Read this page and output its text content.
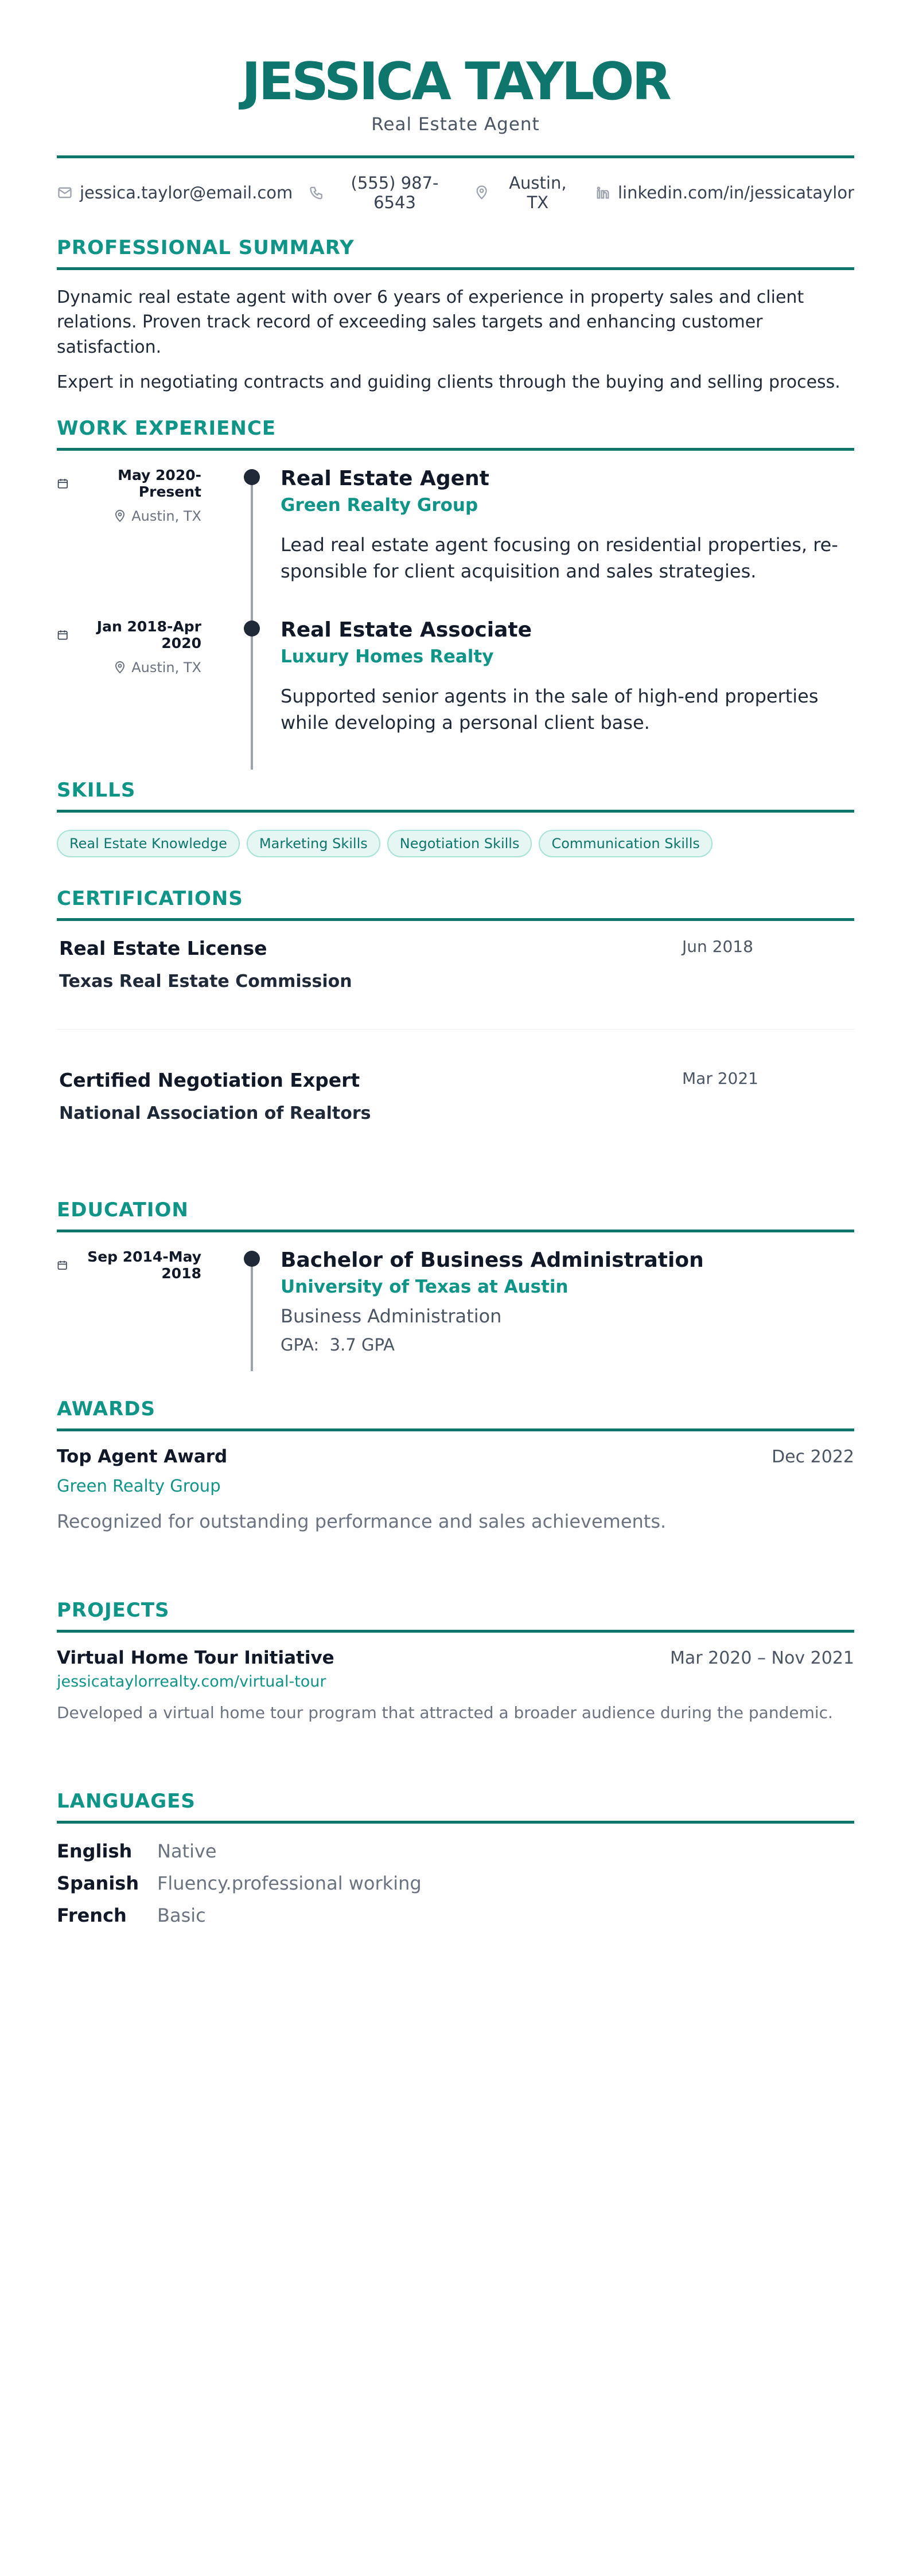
JESSICA TAYLOR
Real Estate Agent
jessica.taylor@email.com	(555) 987-6543
Austin, TX	linkedin.com/in/jessicataylor
PROFESSIONAL SUMMARY

Dynamic real estate agent with over 6 years of experience in property sales and client relations. Proven track record of exceeding sales targets and enhancing customer satisfaction.

Expert in negotiating contracts and guiding clients through the buying and selling process.

WORK EXPERIENCE
May 2020-Present
Austin, TX
Real Estate Agent
Green Realty Group
Lead real estate agent focusing on residential properties, re-sponsible for client acquisition and sales strategies.
Jan 2018-Apr 2020
Austin, TX
Real Estate Associate
Luxury Homes Realty
Supported senior agents in the sale of high-end properties while developing a personal client base.
SKILLS
Real Estate Knowledge	Marketing Skills	Negotiation Skills	Communication Skills
CERTIFICATIONS
Real Estate License	Jun 2018
Texas Real Estate Commission
Certified Negotiation Expert	Mar 2021
National Association of Realtors
EDUCATION
Sep 2014-May 2018
Bachelor of Business Administration
University of Texas at Austin
Business Administration
GPA: 3.7 GPA
AWARDS
Top Agent Award	Dec 2022
Green Realty Group
Recognized for outstanding performance and sales achievements.
PROJECTS
Virtual Home Tour Initiative	Mar 2020 – Nov 2021
jessicataylorrealty.com/virtual-tour
Developed a virtual home tour program that attracted a broader audience during the pandemic.
LANGUAGES
English	Native
Spanish Fluency.professional working
French	Basic
